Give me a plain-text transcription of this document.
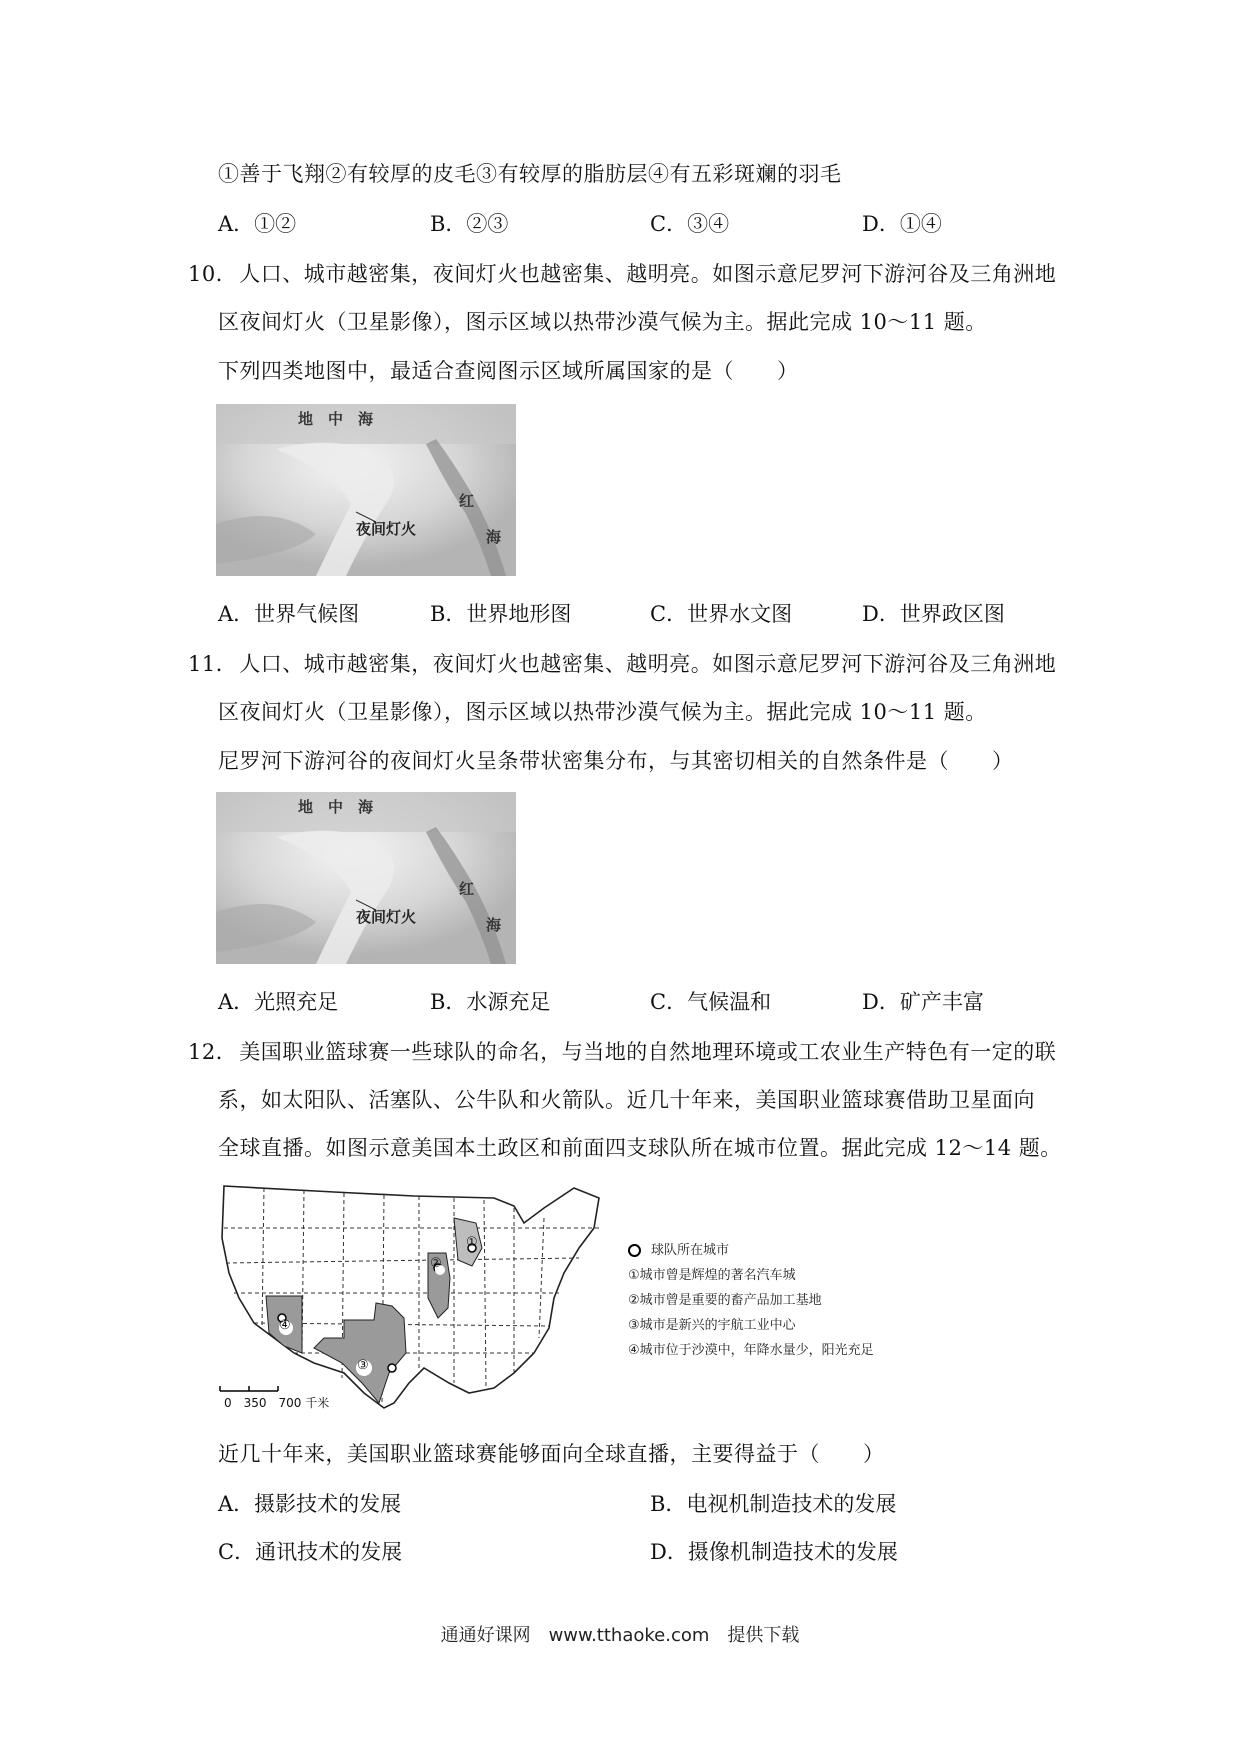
①善于飞翔②有较厚的皮毛③有较厚的脂肪层④有五彩斑斓的羽毛
A．①②	B．②③	C．③④	D．①④
10．人口、城市越密集，夜间灯火也越密集、越明亮。如图示意尼罗河下游河谷及三角洲地
区夜间灯火（卫星影像），图示区域以热带沙漠气候为主。据此完成 10～11 题。
下列四类地图中，最适合查阅图示区域所属国家的是（　　）
地　中　海
红
海
夜间灯火
A．世界气候图	B．世界地形图	C．世界水文图	D．世界政区图
11．人口、城市越密集，夜间灯火也越密集、越明亮。如图示意尼罗河下游河谷及三角洲地
区夜间灯火（卫星影像），图示区域以热带沙漠气候为主。据此完成 10～11 题。
尼罗河下游河谷的夜间灯火呈条带状密集分布，与其密切相关的自然条件是（　　）
地　中　海
红
海
夜间灯火
A．光照充足	B．水源充足	C．气候温和	D．矿产丰富
12．美国职业篮球赛一些球队的命名，与当地的自然地理环境或工农业生产特色有一定的联
系，如太阳队、活塞队、公牛队和火箭队。近几十年来，美国职业篮球赛借助卫星面向
全球直播。如图示意美国本土政区和前面四支球队所在城市位置。据此完成 12～14 题。
①
②
③
④
0　350　700 千米
球队所在城市
①城市曾是辉煌的著名汽车城
②城市曾是重要的畜产品加工基地
③城市是新兴的宇航工业中心
④城市位于沙漠中，年降水量少，阳光充足
近几十年来，美国职业篮球赛能够面向全球直播，主要得益于（　　）
A．摄影技术的发展	B．电视机制造技术的发展
C．通讯技术的发展	D．摄像机制造技术的发展
通通好课网　www.tthaoke.com　提供下载
